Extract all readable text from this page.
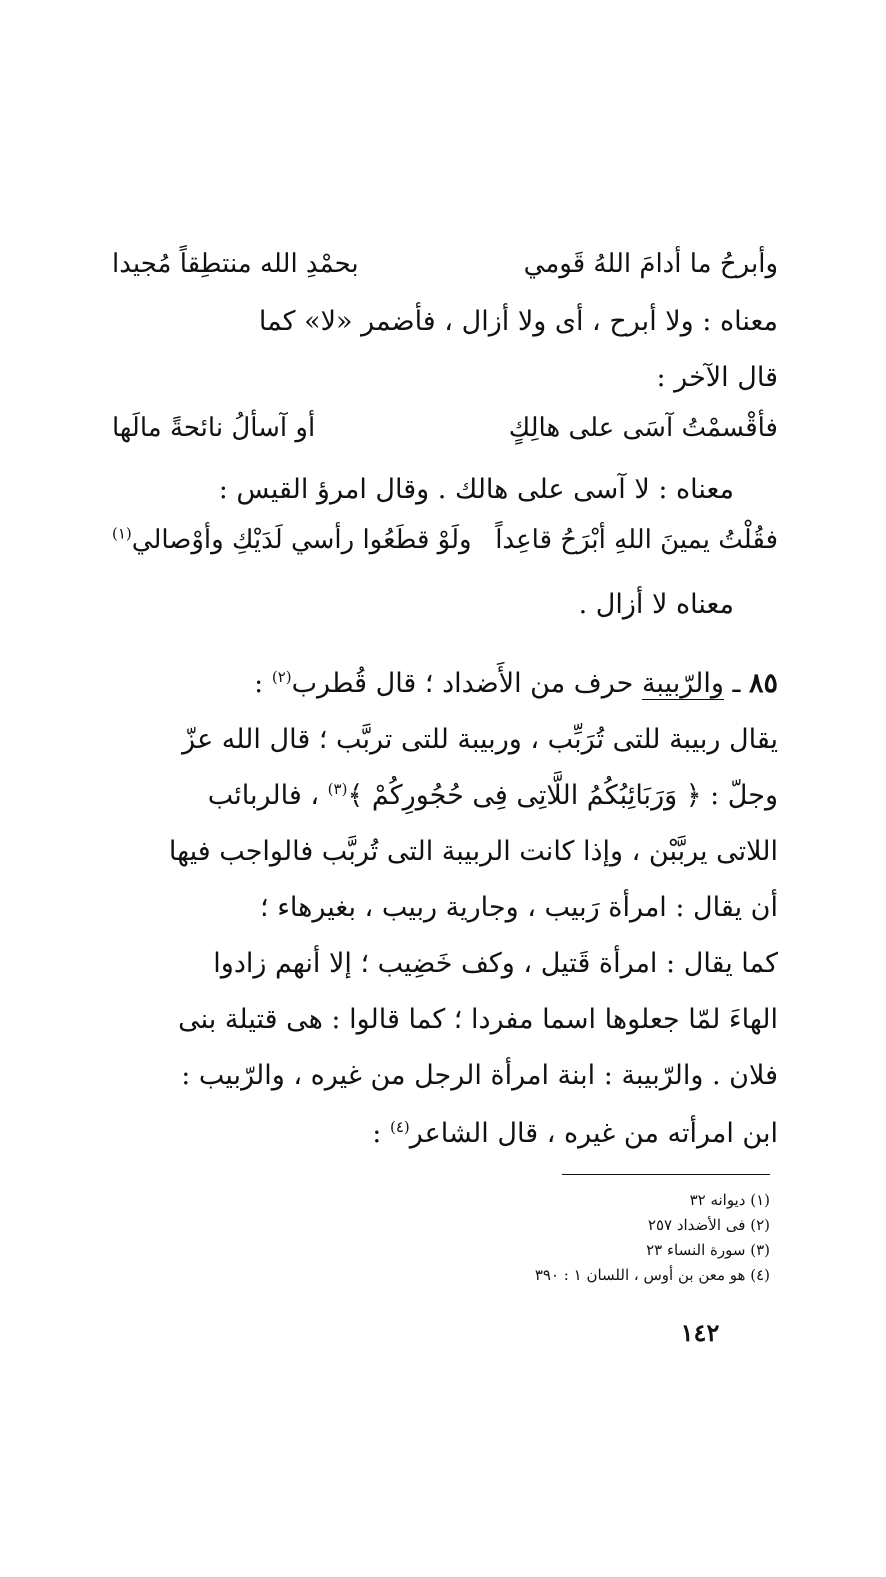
وأبرحُ ما أدامَ اللهُ قَومي
بحمْدِ الله منتطِقاً مُجيدا
معناه : ولا أبرح ، أى ولا أزال ، فأضمر «لا» كما
قال الآخر :
فأقْسمْتُ آسَى على هالِكٍ
أو آسألُ نائحةً مالَها
معناه : لا آسى على هالك . وقال امرؤ القيس :
فقُلْتُ يمينَ اللهِ أبْرَحُ قاعِداً
ولَوْ قطَعُوا رأسي لَدَيْكِ وأوْصالي$^{(١)}$
معناه لا أزال .
٨٥ ـ والرّبيبة حرف من الأَضداد ؛ قال قُطرب$^{(٢)}$ :
يقال ربيبة للتى تُرَبِّب ، وربيبة للتى تربَّب ؛ قال الله عزّ
وجلّ : ﴿ وَرَبَائِبُكُمُ اللَّاتِى فِى حُجُورِكُمْ ﴾$^{(٣)}$ ، فالربائب
اللاتى يربَّبْن ، وإذا كانت الربيبة التى تُربَّب فالواجب فيها
أن يقال : امرأة رَبيب ، وجارية ربيب ، بغيرهاء ؛
كما يقال : امرأة قَتيل ، وكف خَضِيب ؛ إلا أنهم زادوا
الهاءَ لمّا جعلوها اسما مفردا ؛ كما قالوا : هى قتيلة بنى
فلان . والرّبيبة : ابنة امرأة الرجل من غيره ، والرّبيب :
ابن امرأته من غيره ، قال الشاعر$^{(٤)}$ :
(١) ديوانه ٣٢
(٢) فى الأضداد ٢٥٧
(٣) سورة النساء ٢٣
(٤) هو معن بن أوس ، اللسان ١ : ٣٩٠
١٤٢
